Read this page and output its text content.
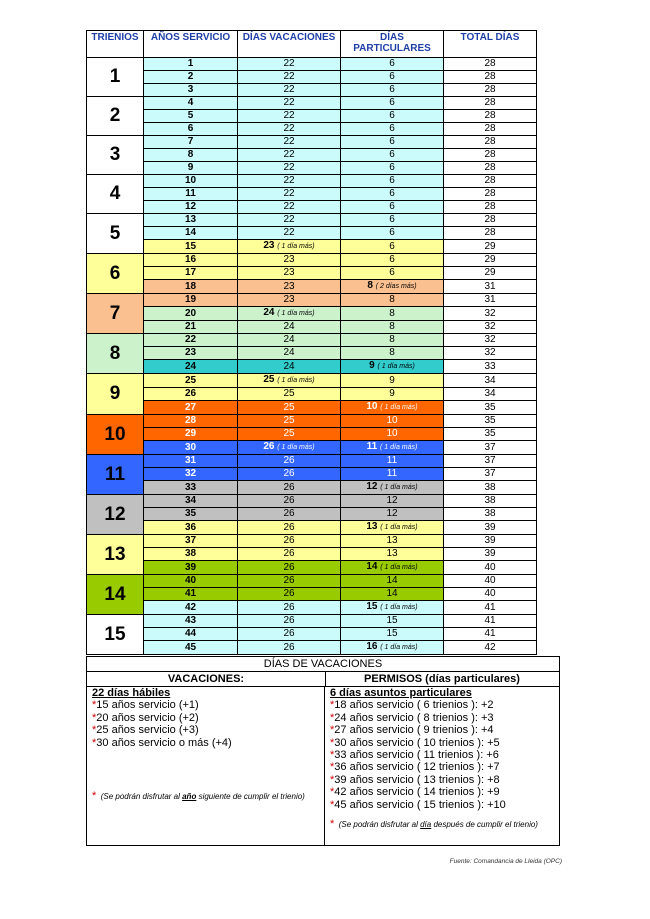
TRIENIOS	AÑOS SERVICIO	DÍAS VACACIONES	DÍAS PARTICULARES	TOTAL DÍAS
1	1	22	6	28
	2	22	6	28
	3	22	6	28
2	4	22	6	28
	5	22	6	28
	6	22	6	28
3	7	22	6	28
	8	22	6	28
	9	22	6	28
4	10	22	6	28
	11	22	6	28
	12	22	6	28
5	13	22	6	28
	14	22	6	28
	15	23 ( 1 día más)	6	29
6	16	23	6	29
	17	23	6	29
	18	23	8 ( 2 días más)	31
7	19	23	8	31
	20	24 ( 1 día más)	8	32
	21	24	8	32
8	22	24	8	32
	23	24	8	32
	24	24	9 ( 1 día más)	33
9	25	25 ( 1 día más)	9	34
	26	25	9	34
	27	25	10 ( 1 día más)	35
10	28	25	10	35
	29	25	10	35
	30	26 ( 1 día más)	11 ( 1 día más)	37
11	31	26	11	37
	32	26	11	37
	33	26	12 ( 1 día más)	38
12	34	26	12	38
	35	26	12	38
	36	26	13 ( 1 día más)	39
13	37	26	13	39
	38	26	13	39
	39	26	14 ( 1 día más)	40
14	40	26	14	40
	41	26	14	40
	42	26	15 ( 1 día más)	41
15	43	26	15	41
	44	26	15	41
	45	26	16 ( 1 día más)	42
DÍAS DE VACACIONES
VACACIONES:	PERMISOS (días particulares)
22 días hábiles
*15 años servicio (+1)
*20 años servicio (+2)
*25 años servicio (+3)
*30 años servicio o más (+4)
* (Se podrán disfrutar al año siguiente de cumplir el trienio)
6 días asuntos particulares
*18 años servicio ( 6 trienios ): +2
*24 años servicio ( 8 trienios ): +3
*27 años servicio ( 9 trienios ): +4
*30 años servicio ( 10 trienios ): +5
*33 años servicio ( 11 trienios ): +6
*36 años servicio ( 12 trienios ): +7
*39 años servicio ( 13 trienios ): +8
*42 años servicio ( 14 trienios ): +9
*45 años servicio ( 15 trienios ): +10
* (Se podrán disfrutar al día después de cumplir el trienio)
Fuente: Comandancia de Lleida (OPC)
